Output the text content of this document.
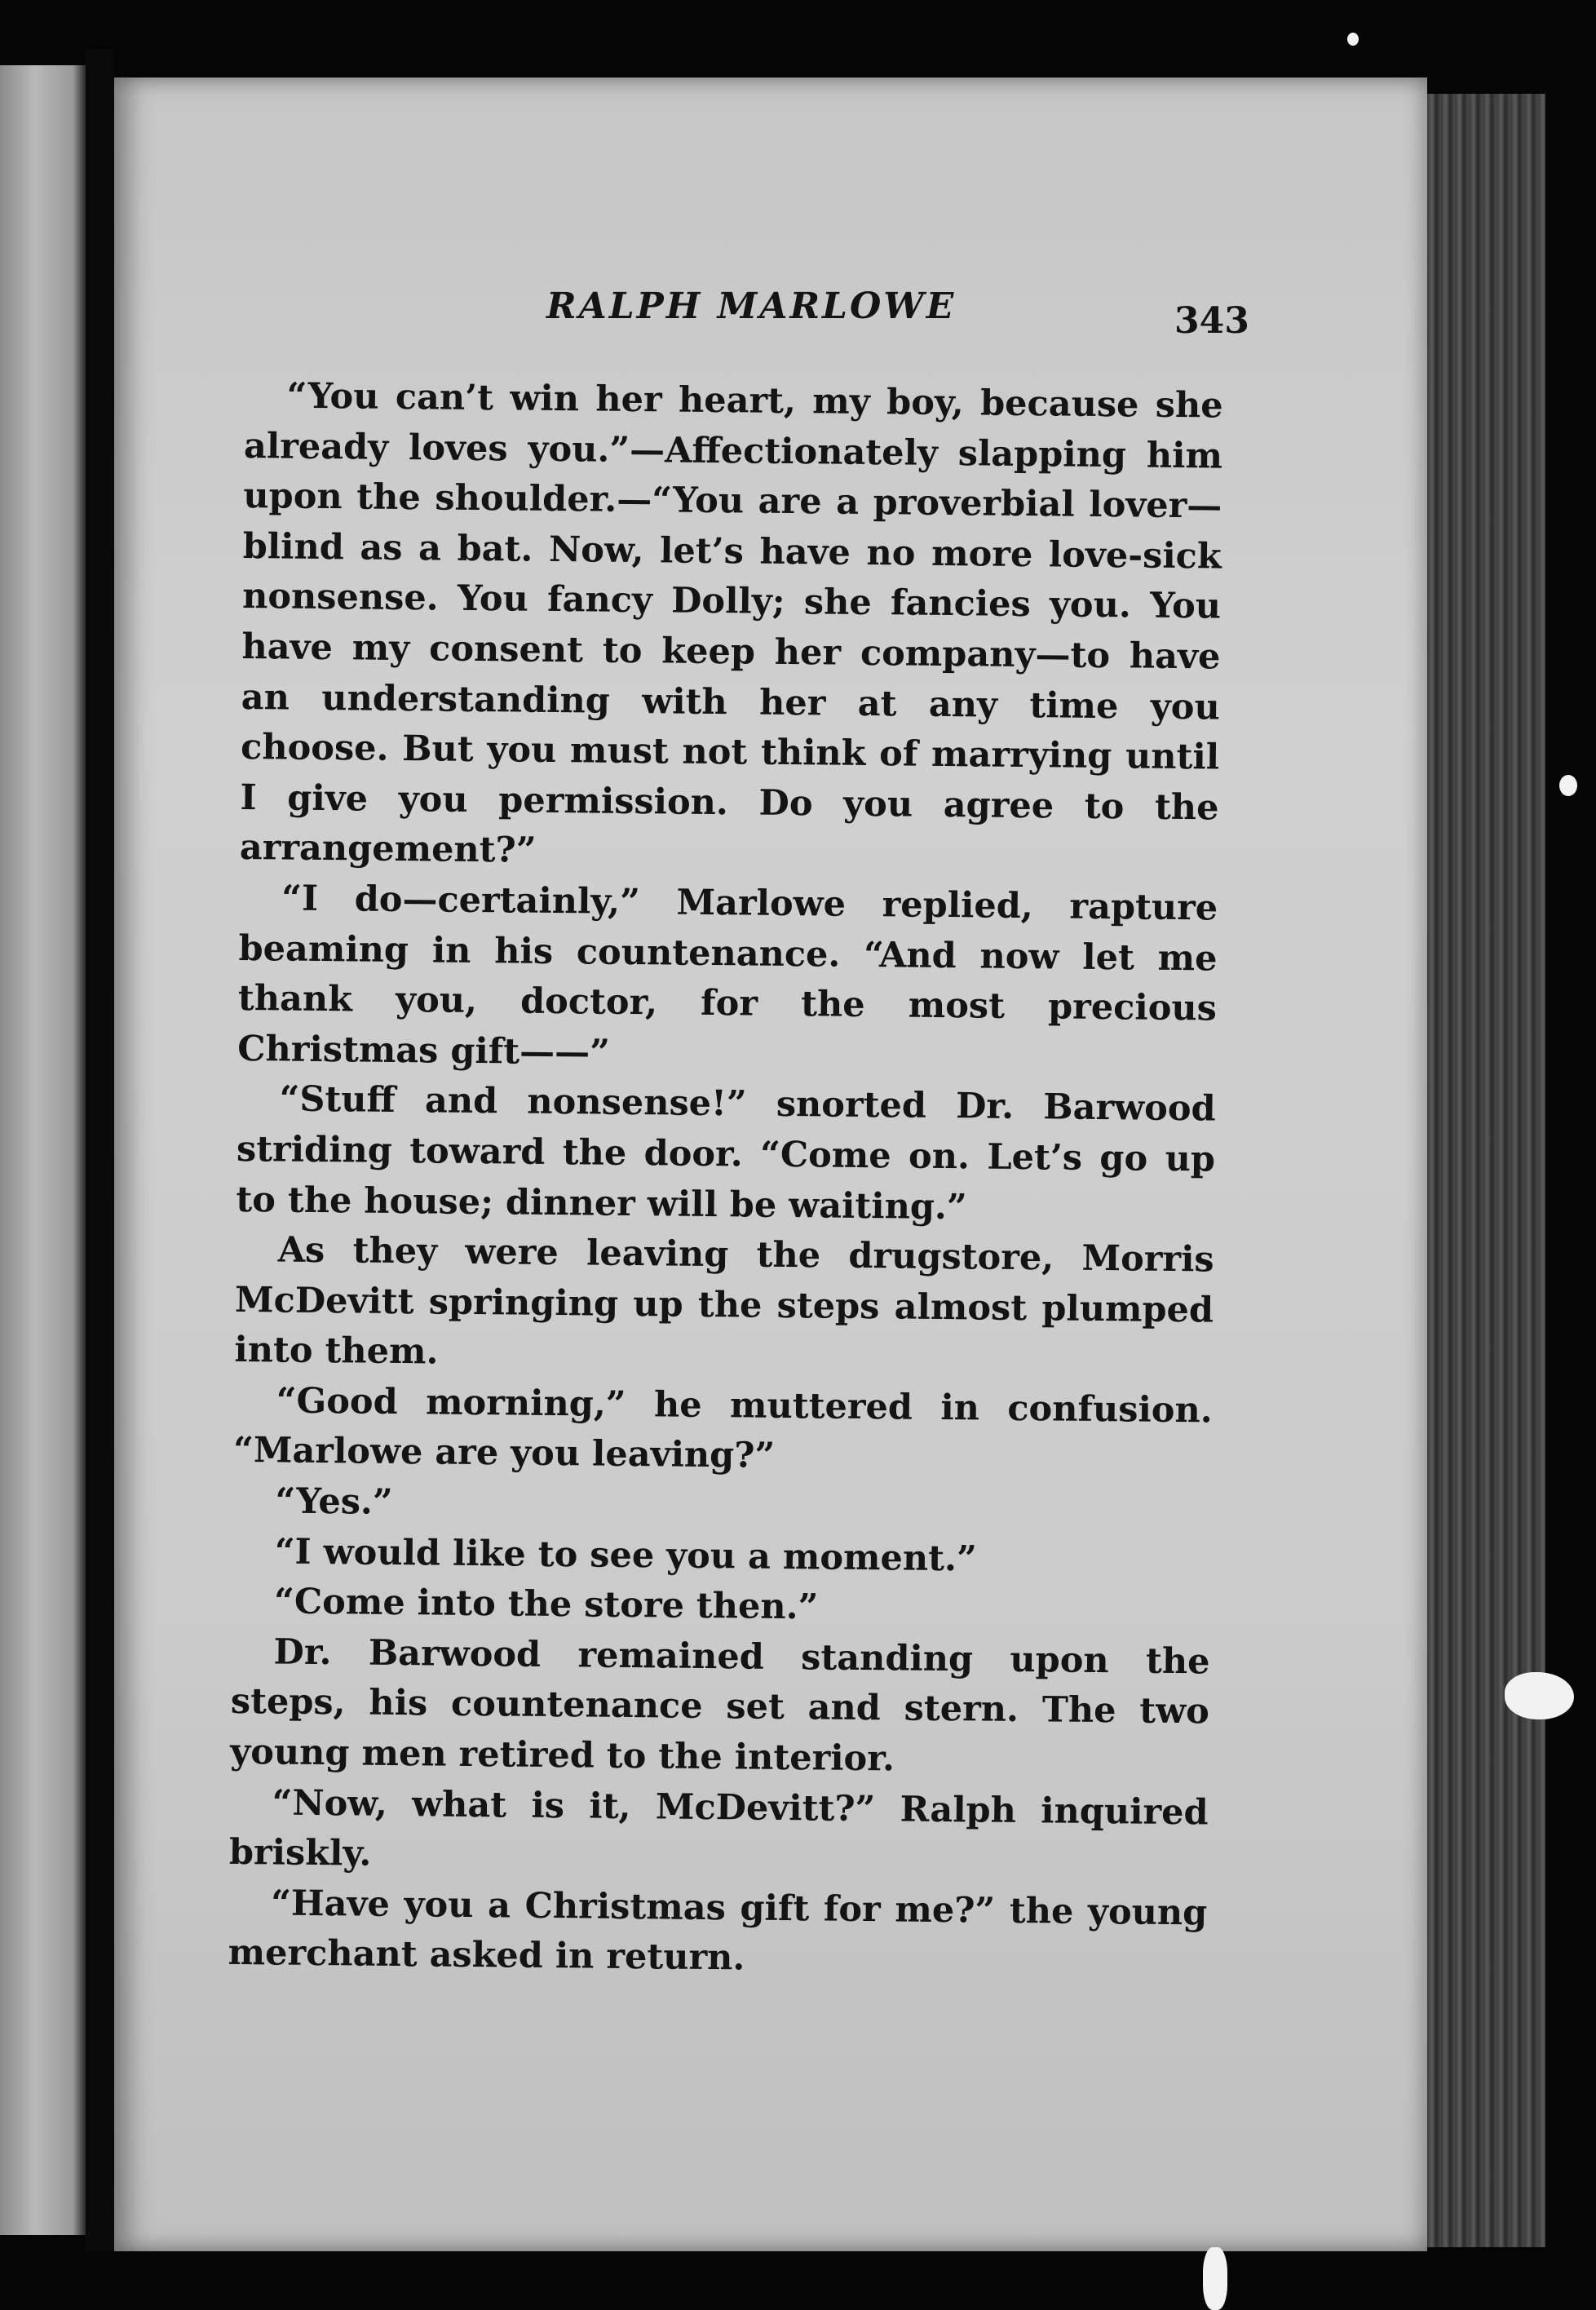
RALPH MARLOWE	343

“You can’t win her heart, my boy, because she already loves you.”—Affectionately slapping him upon the shoulder.—“You are a proverbial lover—blind as a bat. Now, let’s have no more love-sick nonsense. You fancy Dolly; she fancies you. You have my consent to keep her company—to have an understanding with her at any time you choose. But you must not think of marrying until I give you permission. Do you agree to the arrangement?”

“I do—certainly,” Marlowe replied, rapture beaming in his countenance. “And now let me thank you, doctor, for the most precious Christmas gift——”

“Stuff and nonsense!” snorted Dr. Barwood striding toward the door. “Come on. Let’s go up to the house; dinner will be waiting.”

As they were leaving the drugstore, Morris McDevitt springing up the steps almost plumped into them.

“Good morning,” he muttered in confusion. “Marlowe are you leaving?”

“Yes.”

“I would like to see you a moment.”

“Come into the store then.”

Dr. Barwood remained standing upon the steps, his countenance set and stern. The two young men retired to the interior.

“Now, what is it, McDevitt?” Ralph inquired briskly.

“Have you a Christmas gift for me?” the young merchant asked in return.
